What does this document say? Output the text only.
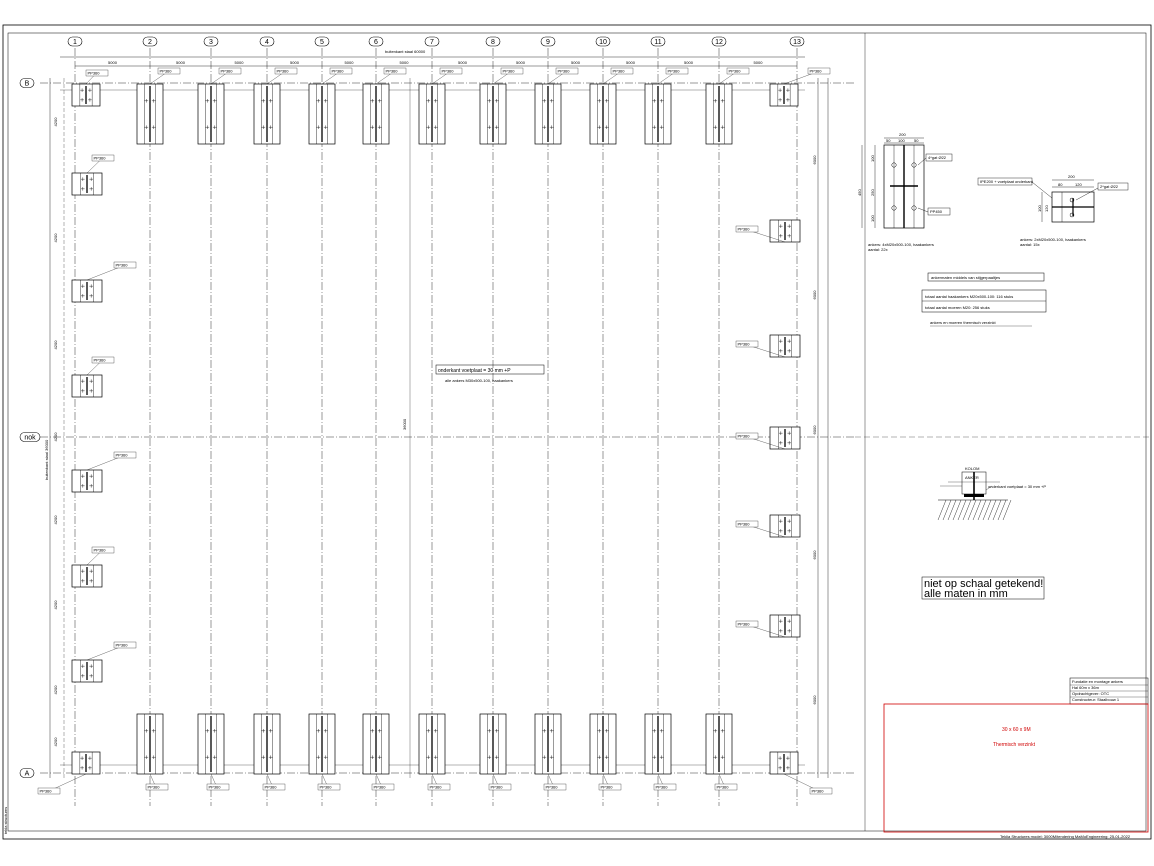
1	2	3	4	5	6	7	8	9	10	11	12	13
B
A
nok
5000	5000	5000	5000	5000	5000	5000	5000	5000	5000	5000	5000
PP360
PP360
PP360
PP360
PP360
PP360
PP360
PP360
PP360
PP360
PP360
PP360
PP360
PP360
PP360
PP360
PP360
PP360
PP360
PP360
PP360
PP360
PP360	PP360
PP360	PP360
PP360
PP360
PP360
PP360
PP360
PP360
PP360
PP360
PP360
PP360
PP360
4200
4200
4200
4200
4200
4200
4200
4200
6000
6000
6000
6000
6000
buitenkant staal 60000
buitenkant staal 36000
36000
onderkant voetplaat = 30 mm +P
alle ankers M30x500-100, haakankers
200
50 100 50
450 250
100
100
4*gat Ø22
PP450
ankers: 4xM20x500-100, haakankers
aantal: 22x
200
80	120
100 120
IPE200 + voetplaat onderkant
2*gat Ø22
ankers: 2xM20x500-100, haakankers
aantal: 15x
ankermaten middels van stijgerpaaltjes
totaal aantal haakankers M20x500-100: 116 stuks
totaal aantal moeren M20: 256 stuks
ankers en moeren thermisch verzinkt
KOLOM
ANKER
onderkant voetplaat = 30 mm +P
niet op schaal getekend!
alle maten in mm
Fundatie en montage ankers
Hal 60m x 36m
Opdrachtgever: OTC
Constructeur: Staalbouw 1
30 x 60 x 9M
Thermisch verzinkt
Teklia Structures model: 3000M/tendering MaMoEngineering: 25-01-2022
tekla structures
